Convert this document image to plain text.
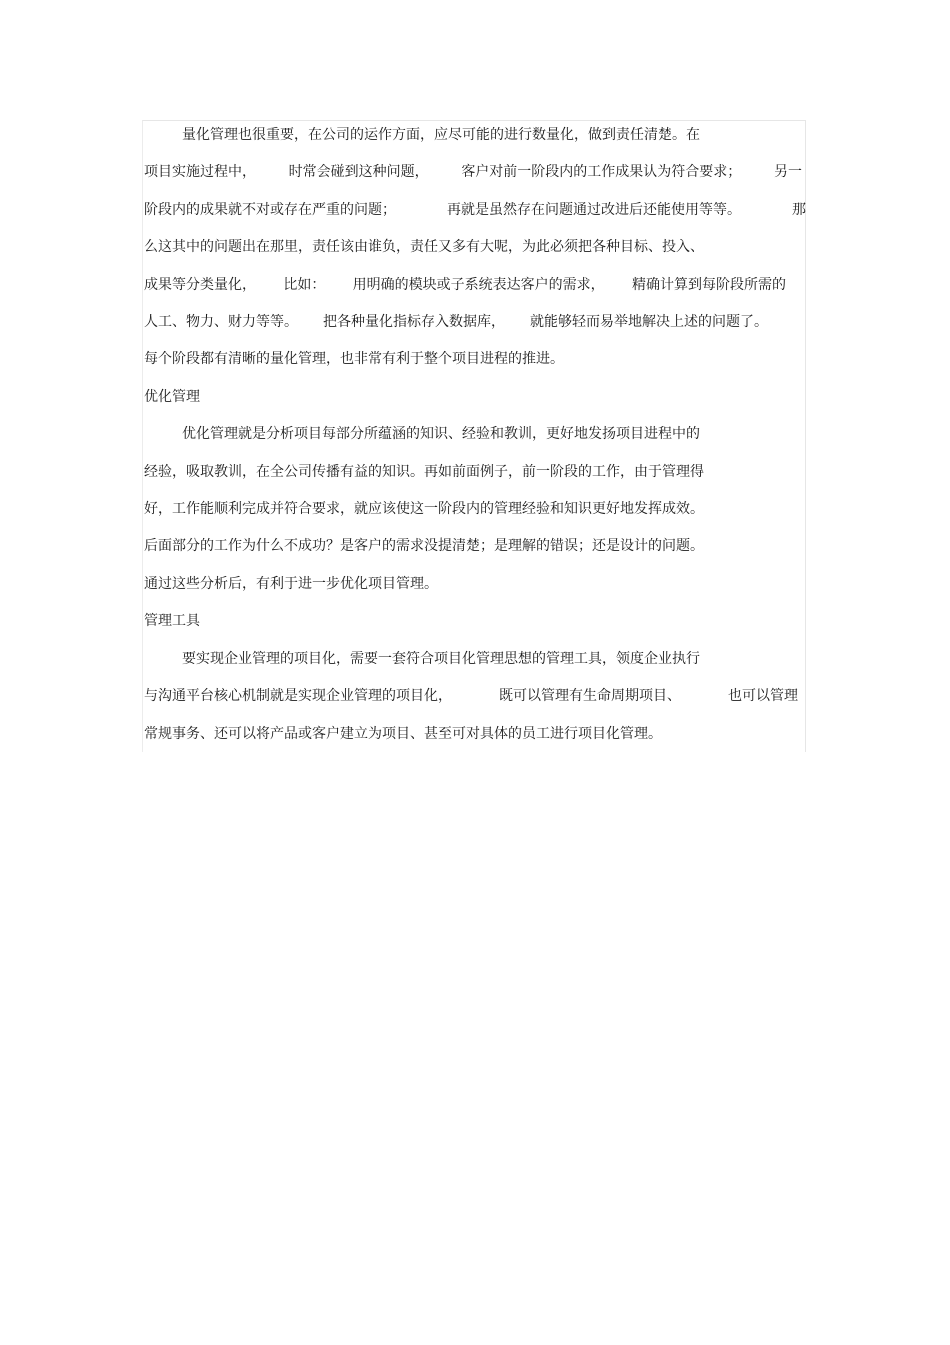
量化管理也很重要，在公司的运作方面，应尽可能的进行数量化，做到责任清楚。在
项目实施过程中， 时常会碰到这种问题， 客户对前一阶段内的工作成果认为符合要求； 另一
阶段内的成果就不对或存在严重的问题；	再就是虽然存在问题通过改进后还能使用等等。	那
么这其中的问题出在那里，责任该由谁负，责任又多有大呢，为此必须把各种目标、投入、
成果等分类量化， 比如： 用明确的模块或子系统表达客户的需求， 精确计算到每阶段所需的
人工、物力、财力等等。 把各种量化指标存入数据库， 就能够轻而易举地解决上述的问题了。
每个阶段都有清晰的量化管理，也非常有利于整个项目进程的推进。
优化管理
优化管理就是分析项目每部分所蕴涵的知识、经验和教训，更好地发扬项目进程中的
经验，吸取教训，在全公司传播有益的知识。再如前面例子，前一阶段的工作，由于管理得
好，工作能顺利完成并符合要求，就应该使这一阶段内的管理经验和知识更好地发挥成效。
后面部分的工作为什么不成功？是客户的需求没提清楚；是理解的错误；还是设计的问题。
通过这些分析后，有利于进一步优化项目管理。
管理工具
要实现企业管理的项目化，需要一套符合项目化管理思想的管理工具，领度企业执行
与沟通平台核心机制就是实现企业管理的项目化，	既可以管理有生命周期项目、	也可以管理
常规事务、还可以将产品或客户建立为项目、甚至可对具体的员工进行项目化管理。
